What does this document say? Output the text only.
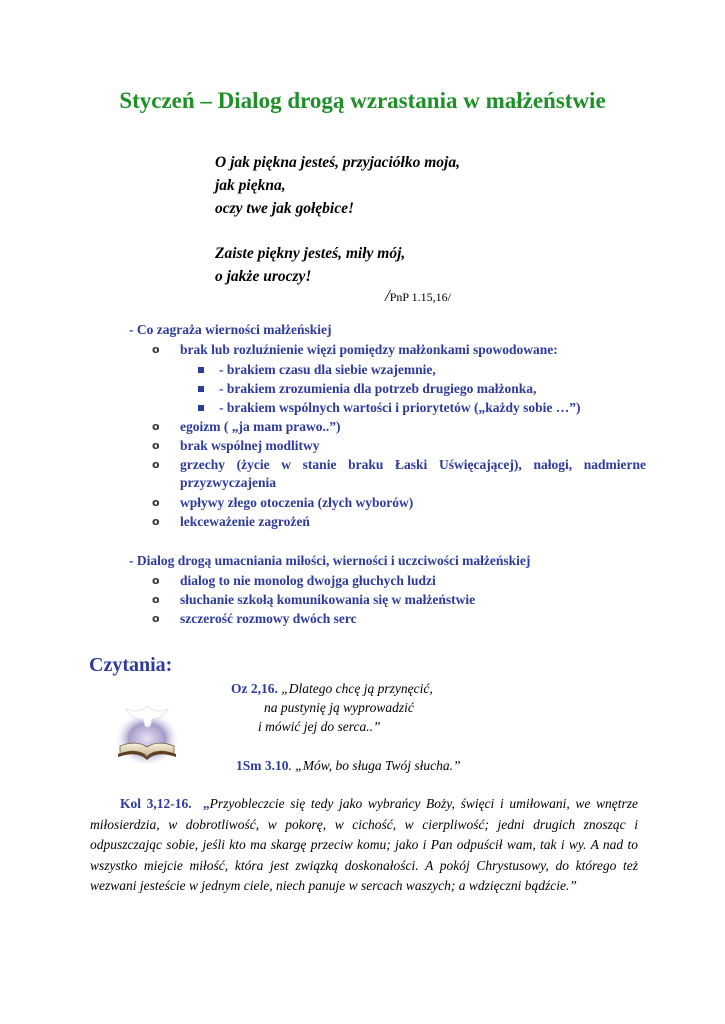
Styczeń – Dialog drogą wzrastania w małżeństwie
O jak piękna jesteś, przyjaciółko moja,
jak piękna,
oczy twe jak gołębice!
Zaiste piękny jesteś, miły mój,
o jakże uroczy!
/PnP 1.15,16/
- Co zagraża wierności małżeńskiej
o	brak lub rozluźnienie więzi pomiędzy małżonkami spowodowane:
- brakiem czasu dla siebie wzajemnie,
- brakiem zrozumienia dla potrzeb drugiego małżonka,
- brakiem wspólnych wartości i priorytetów („każdy sobie …”)
o	egoizm ( „ja mam prawo..”)
o	brak wspólnej modlitwy
o	grzechy (życie w stanie braku Łaski Uświęcającej), nałogi, nadmierne przyzwyczajenia
o	wpływy złego otoczenia (złych wyborów)
o	lekceważenie zagrożeń
- Dialog drogą umacniania miłości, wierności i uczciwości małżeńskiej
o	dialog to nie monolog dwojga głuchych ludzi
o	słuchanie szkołą komunikowania się w małżeństwie
o	szczerość rozmowy dwóch serc
Czytania:
Oz 2,16. „Dlatego chcę ją przynęcić,
na pustynię ją wyprowadzić
i mówić jej do serca..”
1Sm 3.10. „Mów, bo sługa Twój słucha.”
Kol 3,12-16. „Przyoblеczcie się tedy jako wybrańcy Boży, święci i umiłowani, we wnętrze miłosierdzia, w dobrotliwość, w pokorę, w cichość, w cierpliwość; jedni drugich znosząc i odpuszczając sobie, jeśli kto ma skargę przeciw komu; jako i Pan odpuścił wam, tak i wy. A nad to wszystko miejcie miłość, która jest związką doskonałości. A pokój Chrystusowy, do którego też wezwani jesteście w jednym ciele, niech panuje w sercach waszych; a wdzięczni bądźcie.”
